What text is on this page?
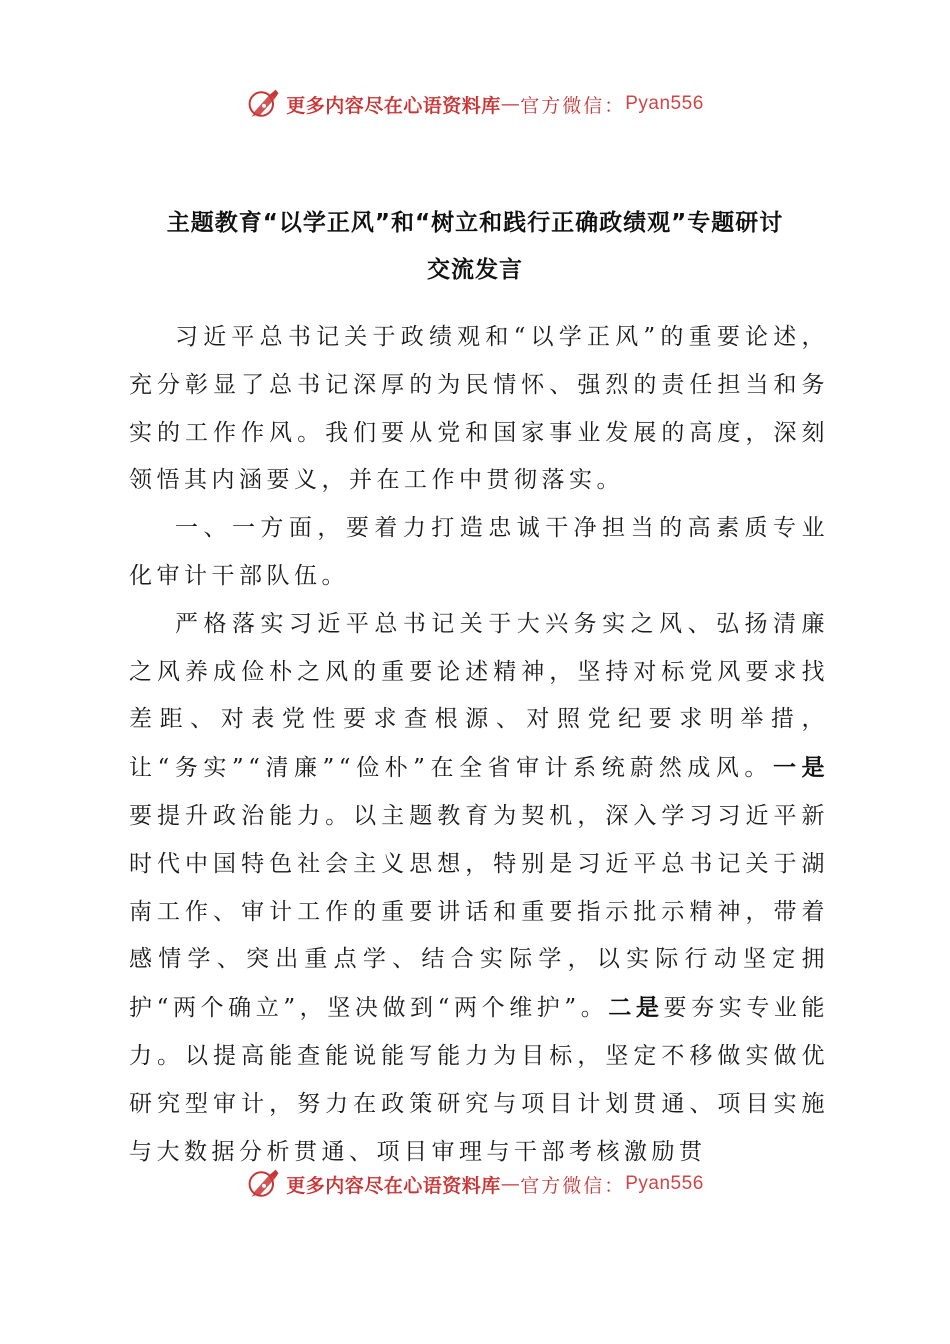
更多内容尽在心语资料库 — 官方微信： Pyan556
主题教育“以学正风”和“树立和践行正确政绩观”专题研讨
交流发言

习近平总书记关于政绩观和“以学正风”的重要论述，充分彰显了总书记深厚的为民情怀、强烈的责任担当和务实的工作作风。我们要从党和国家事业发展的高度，深刻领悟其内涵要义，并在工作中贯彻落实。

一、一方面，要着力打造忠诚干净担当的高素质专业化审计干部队伍。

严格落实习近平总书记关于大兴务实之风、弘扬清廉之风养成俭朴之风的重要论述精神，坚持对标党风要求找差距、对表党性要求查根源、对照党纪要求明举措，让“务实”“清廉”“俭朴”在全省审计系统蔚然成风。一是要提升政治能力。以主题教育为契机，深入学习习近平新时代中国特色社会主义思想，特别是习近平总书记关于湖南工作、审计工作的重要讲话和重要指示批示精神，带着感情学、突出重点学、结合实际学，以实际行动坚定拥护“两个确立”，坚决做到“两个维护”。二是要夯实专业能力。以提高能查能说能写能力为目标，坚定不移做实做优研究型审计，努力在政策研究与项目计划贯通、项目实施与大数据分析贯通、项目审理与干部考核激励贯

更多内容尽在心语资料库 — 官方微信： Pyan556
